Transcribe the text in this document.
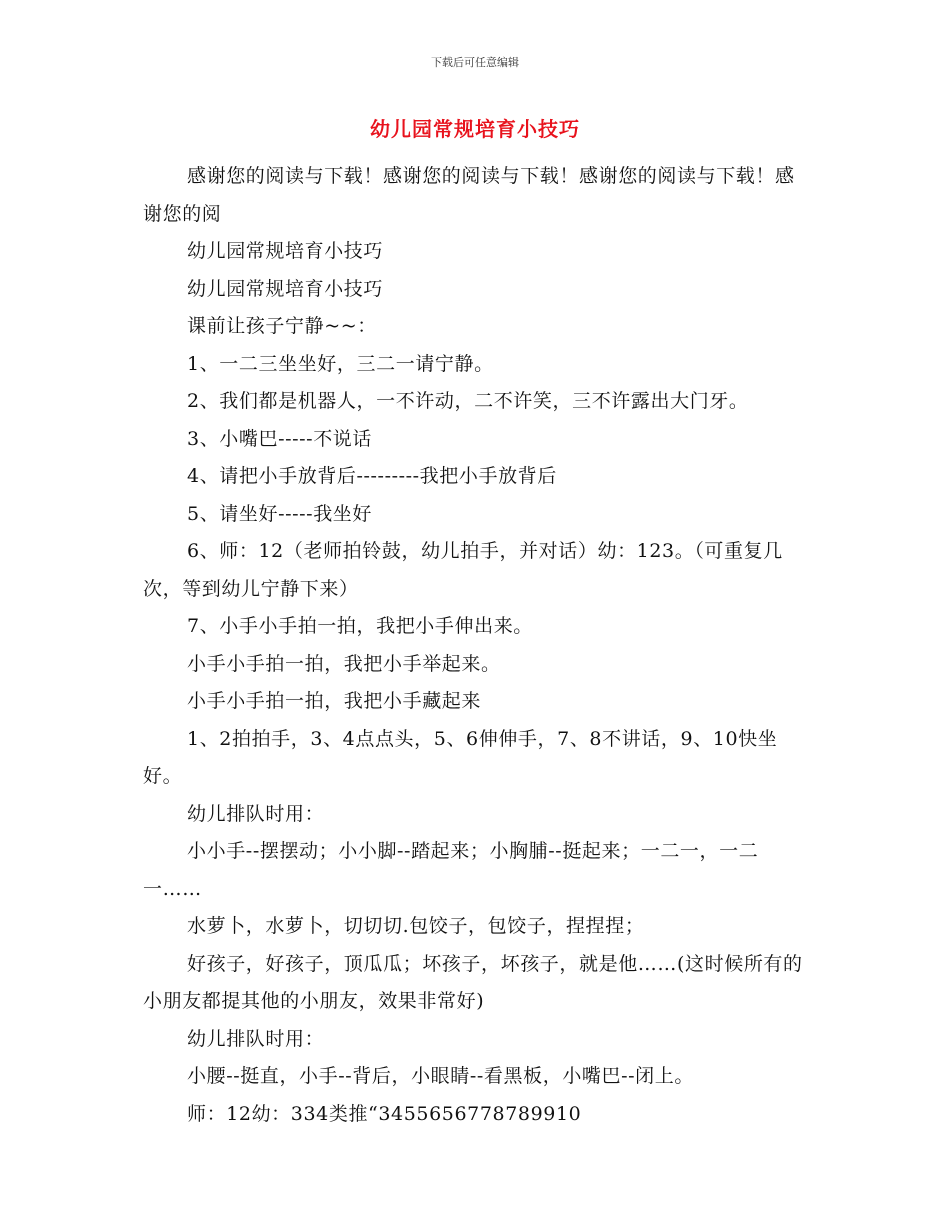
下载后可任意编辑
幼儿园常规培育小技巧

感谢您的阅读与下载！感谢您的阅读与下载！感谢您的阅读与下载！感谢您的阅

幼儿园常规培育小技巧

幼儿园常规培育小技巧

课前让孩子宁静~~：

1、一二三坐坐好，三二一请宁静。

2、我们都是机器人，一不许动，二不许笑，三不许露出大门牙。

3、小嘴巴-----不说话

4、请把小手放背后---------我把小手放背后

5、请坐好-----我坐好

6、师：12（老师拍铃鼓，幼儿拍手，并对话）幼：123。（可重复几次，等到幼儿宁静下来）

7、小手小手拍一拍，我把小手伸出来。

小手小手拍一拍，我把小手举起来。

小手小手拍一拍，我把小手藏起来

1、2拍拍手，3、4点点头，5、6伸伸手，7、8不讲话，9、10快坐好。

幼儿排队时用：

小小手--摆摆动；小小脚--踏起来；小胸脯--挺起来；一二一，一二一……

水萝卜，水萝卜，切切切.包饺子，包饺子，捏捏捏；

好孩子，好孩子，顶瓜瓜；坏孩子，坏孩子，就是他……(这时候所有的小朋友都提其他的小朋友，效果非常好)

幼儿排队时用：

小腰--挺直，小手--背后，小眼睛--看黑板，小嘴巴--闭上。

师：12幼：334类推“3455656778789910
